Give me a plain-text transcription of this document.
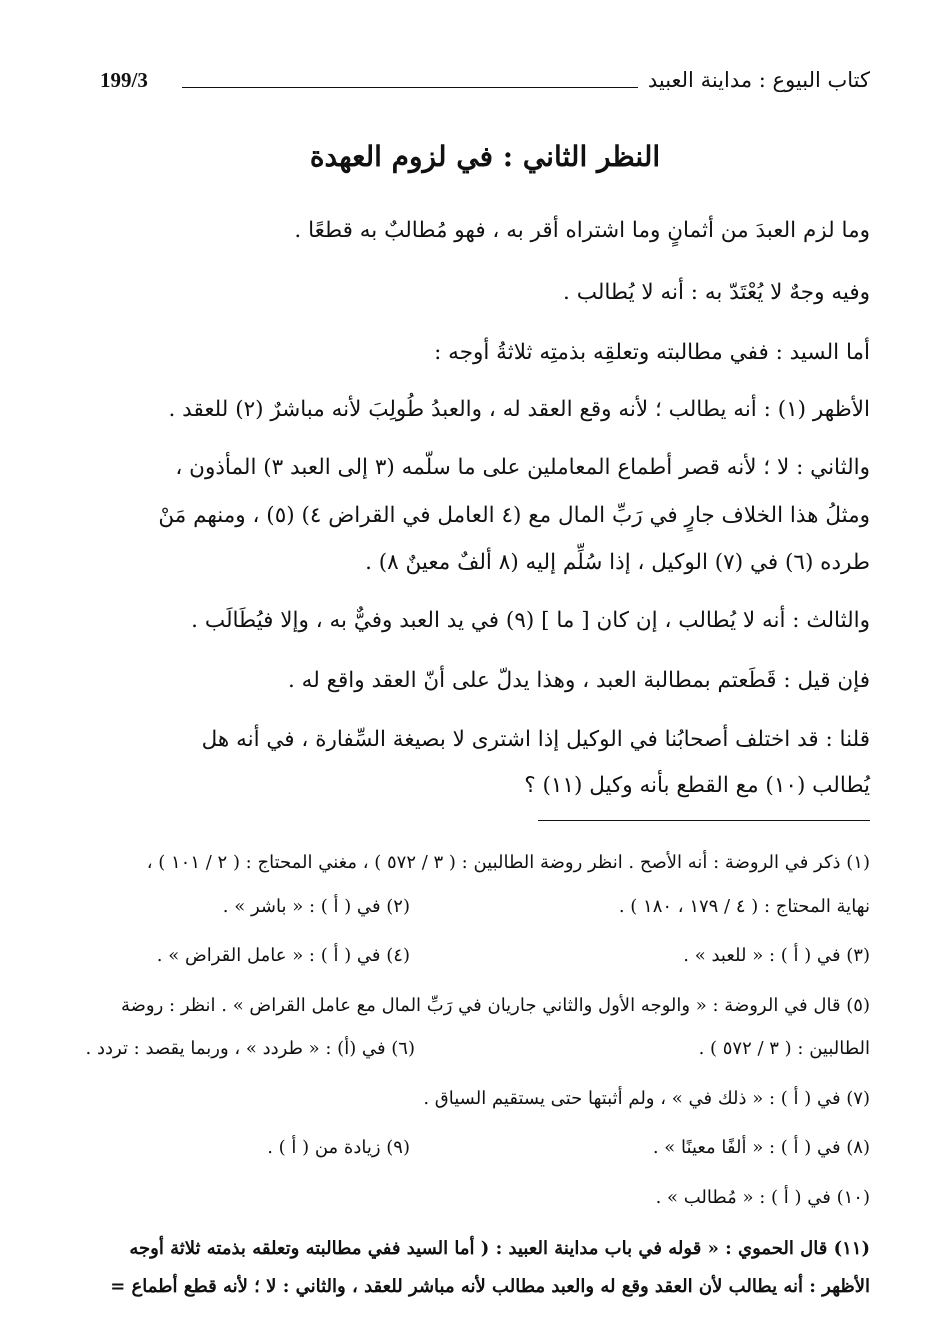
كتاب البيوع : مداينة العبيد
199/3
النظر الثاني : في لزوم العهدة
وما لزم العبدَ من أثمانٍ وما اشتراه أقر به ، فهو مُطالبٌ به قطعًا .
وفيه وجهٌ لا يُعْتَدّ به : أنه لا يُطالب .
أما السيد : ففي مطالبته وتعلقِه بذمتِه ثلاثةُ أوجه :
الأظهر (١) : أنه يطالب ؛ لأنه وقع العقد له ، والعبدُ طُولِبَ لأنه مباشرٌ (٢) للعقد .
والثاني : لا ؛ لأنه قصر أطماع المعاملين على ما سلّمه (٣ إلى العبد ٣) المأذون ،
ومثلُ هذا الخلاف جارٍ في رَبِّ المال مع (٤ العامل في القراض ٤) (٥) ، ومنهم مَنْ
طرده (٦) في (٧) الوكيل ، إذا سُلِّم إليه (٨ ألفٌ معينٌ ٨) .
والثالث : أنه لا يُطالب ، إن كان [ ما ] (٩) في يد العبد وفيٌّ به ، وإلا فيُطَالَب .
فإن قيل : قَطَعتم بمطالبة العبد ، وهذا يدلّ على أنّ العقد واقع له .
قلنا : قد اختلف أصحابُنا في الوكيل إذا اشترى لا بصيغة السِّفارة ، في أنه هل
يُطالب (١٠) مع القطع بأنه وكيل (١١) ؟
(١) ذكر في الروضة : أنه الأصح . انظر روضة الطالبين : ( ٣ / ٥٧٢ ) ، مغني المحتاج : ( ٢ / ١٠١ ) ،
نهاية المحتاج : ( ٤ / ١٧٩ ، ١٨٠ ) .
(٢) في ( أ ) : « باشر » .
(٣) في ( أ ) : « للعبد » .
(٤) في ( أ ) : « عامل القراض » .
(٥) قال في الروضة : « والوجه الأول والثاني جاريان في رَبِّ المال مع عامل القراض » . انظر : روضة
الطالبين : ( ٣ / ٥٧٢ ) .
(٦) في (أ) : « طردد » ، وربما يقصد : تردد .
(٧) في ( أ ) : « ذلك في » ، ولم أثبتها حتى يستقيم السياق .
(٨) في ( أ ) : « ألفًا معينًا » .
(٩) زيادة من ( أ ) .
(١٠) في ( أ ) : « مُطالب » .
(١١) قال الحموي : « قوله في باب مداينة العبيد : ( أما السيد ففي مطالبته وتعلقه بذمته ثلاثة أوجه
الأظهر : أنه يطالب لأن العقد وقع له والعبد مطالب لأنه مباشر للعقد ، والثاني : لا ؛ لأنه قطع أطماع =
